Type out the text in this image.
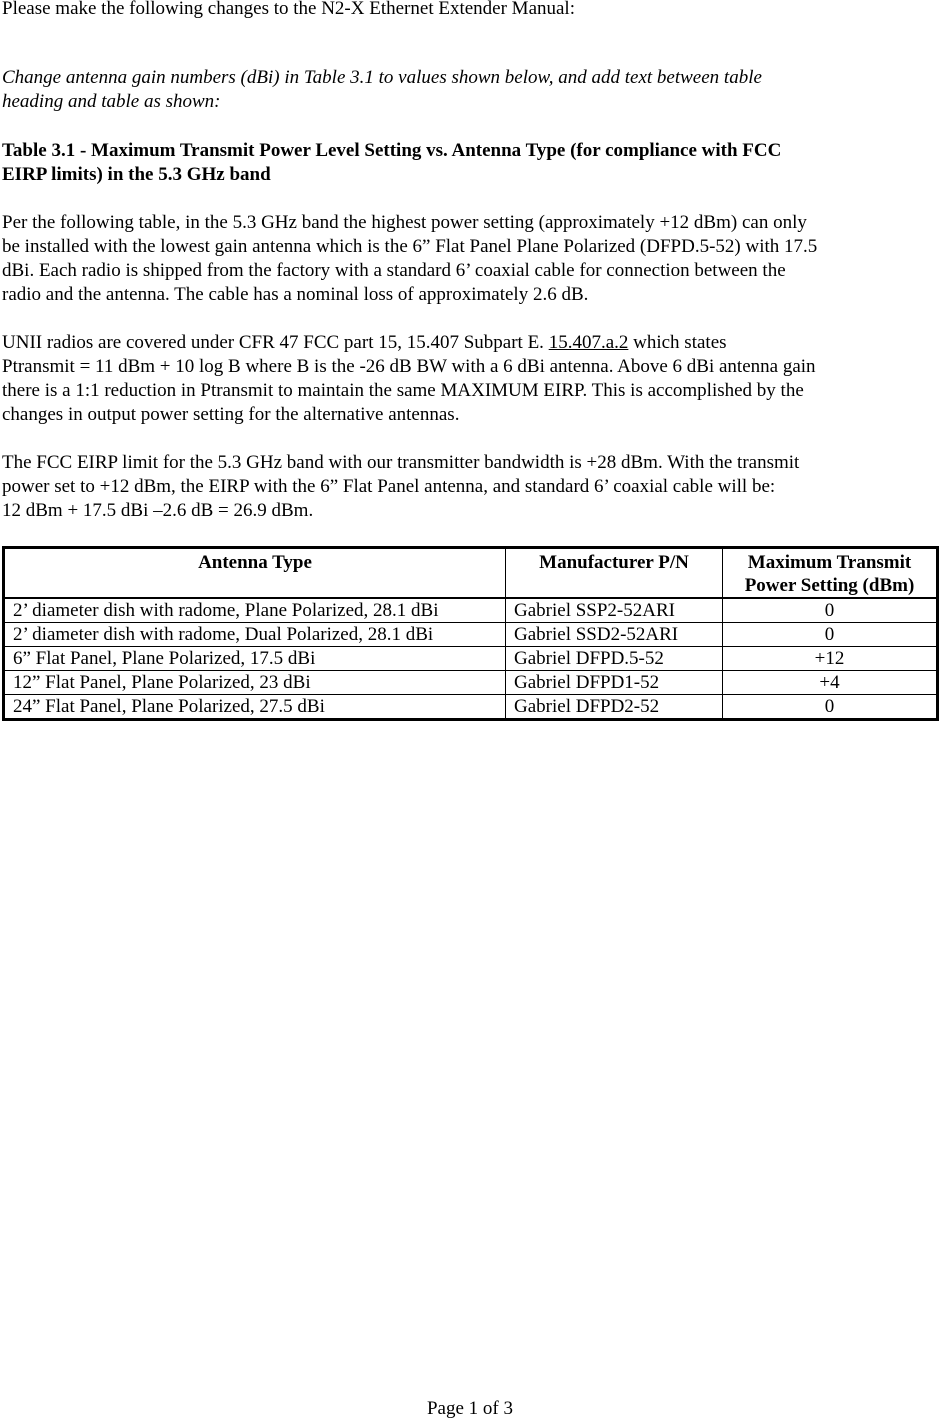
Please make the following changes to the N2-X Ethernet Extender Manual:

Change antenna gain numbers (dBi) in Table 3.1 to values shown below, and add text between table

heading and table as shown:

Table 3.1 - Maximum Transmit Power Level Setting vs. Antenna Type (for compliance with FCC

EIRP limits) in the 5.3 GHz band

Per the following table, in the 5.3 GHz band the highest power setting (approximately +12 dBm) can only

be installed with the lowest gain antenna which is the 6” Flat Panel Plane Polarized (DFPD.5-52) with 17.5

dBi. Each radio is shipped from the factory with a standard 6’ coaxial cable for connection between the

radio and the antenna. The cable has a nominal loss of approximately 2.6 dB.

UNII radios are covered under CFR 47 FCC part 15, 15.407 Subpart E. 15.407.a.2 which states

Ptransmit = 11 dBm + 10 log B where B is the -26 dB BW with a 6 dBi antenna. Above 6 dBi antenna gain

there is a 1:1 reduction in Ptransmit to maintain the same MAXIMUM EIRP. This is accomplished by the

changes in output power setting for the alternative antennas.

The FCC EIRP limit for the 5.3 GHz band with our transmitter bandwidth is +28 dBm. With the transmit

power set to +12 dBm, the EIRP with the 6” Flat Panel antenna, and standard 6’ coaxial cable will be:

12 dBm + 17.5 dBi –2.6 dB = 26.9 dBm.

Antenna Type	Manufacturer P/N	Maximum Transmit
Power Setting (dBm)
2’ diameter dish with radome, Plane Polarized, 28.1 dBi	Gabriel SSP2-52ARI	0
2’ diameter dish with radome, Dual Polarized, 28.1 dBi	Gabriel SSD2-52ARI	0
6” Flat Panel, Plane Polarized, 17.5 dBi	Gabriel DFPD.5-52	+12
12” Flat Panel, Plane Polarized, 23 dBi	Gabriel DFPD1-52	+4
24” Flat Panel, Plane Polarized, 27.5 dBi	Gabriel DFPD2-52	0

Page 1 of 3
